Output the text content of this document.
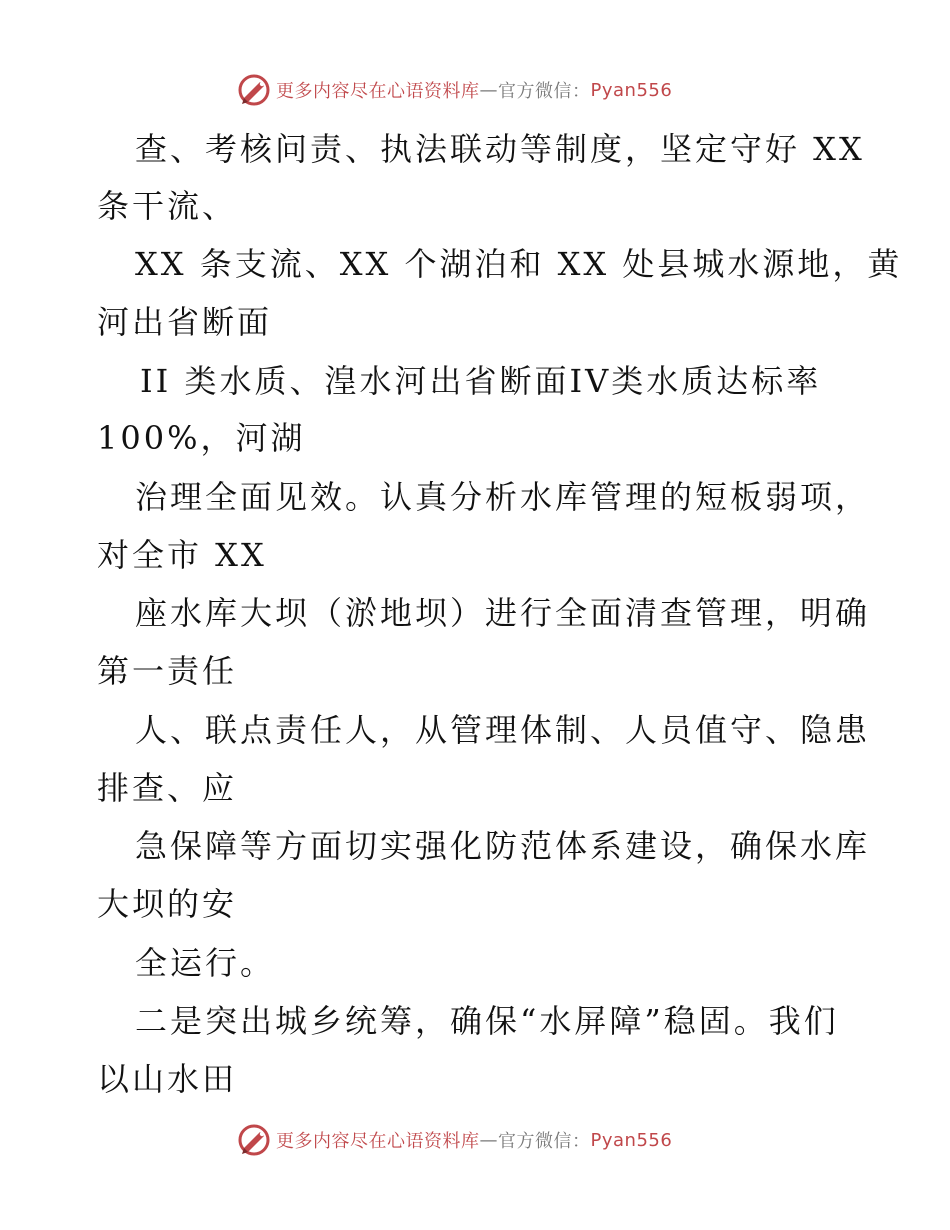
更多内容尽在心语资料库 — 官方微信： Pyan556
查、考核问责、执法联动等制度，坚定守好 XX
条干流、
XX 条支流、XX 个湖泊和 XX 处县城水源地，黄
河出省断面
II 类水质、湟水河出省断面IV类水质达标率
100%，河湖
治理全面见效。认真分析水库管理的短板弱项，
对全市 XX
座水库大坝（淤地坝）进行全面清查管理，明确
第一责任
人、联点责任人，从管理体制、人员值守、隐患
排查、应
急保障等方面切实强化防范体系建设，确保水库
大坝的安
全运行。
二是突出城乡统筹，确保“水屏障”稳固。我们
以山水田
更多内容尽在心语资料库 — 官方微信： Pyan556
